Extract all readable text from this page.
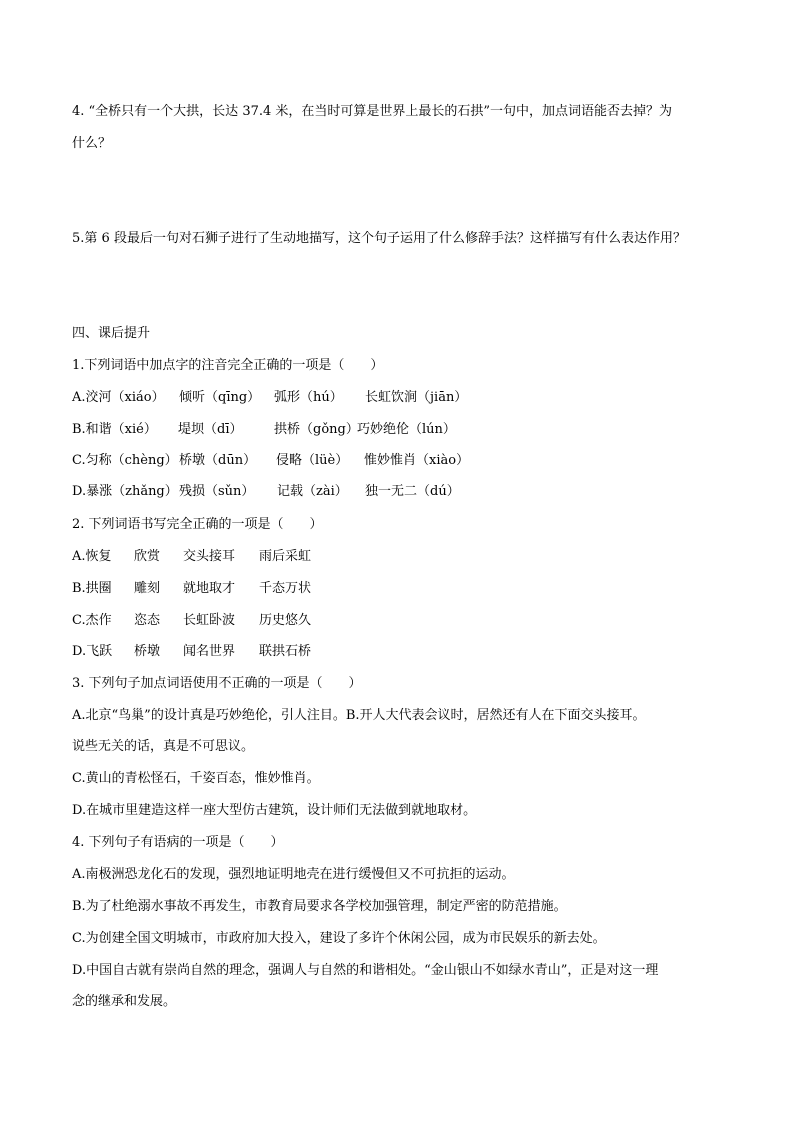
4. “全桥只有一个大拱，长达 37.4 米，在当时可算是世界上最长的石拱”一句中，加点词语能否去掉？为
什么？
5.第 6 段最后一句对石狮子进行了生动地描写，这个句子运用了什么修辞手法？这样描写有什么表达作用？
四、课后提升
1.下列词语中加点字的注音完全正确的一项是（　　）
A.洨河（xiáo） 倾听（qīng） 弧形（hú） 长虹饮涧（jiān）
B.和谐（xié） 堤坝（dī） 拱桥（gǒng）巧妙绝伦（lún）
C.匀称（chèng）桥墩（dūn） 侵略（lüè） 惟妙惟肖（xiào）
D.暴涨（zhǎng）残损（sǔn） 记载（zài） 独一无二（dú）
2. 下列词语书写完全正确的一项是（　　）
A.恢复 欣赏 交头接耳 雨后采虹
B.拱圈 雕刻 就地取才 千态万状
C.杰作 恣态 长虹卧波 历史悠久
D.飞跃 桥墩 闻名世界 联拱石桥
3. 下列句子加点词语使用不正确的一项是（　　）
A.北京“鸟巢”的设计真是巧妙绝伦，引人注目。B.开人大代表会议时，居然还有人在下面交头接耳。
说些无关的话，真是不可思议。
C.黄山的青松怪石，千姿百态，惟妙惟肖。
D.在城市里建造这样一座大型仿古建筑，设计师们无法做到就地取材。
4. 下列句子有语病的一项是（　　）
A.南极洲恐龙化石的发现，强烈地证明地壳在进行缓慢但又不可抗拒的运动。
B.为了杜绝溺水事故不再发生，市教育局要求各学校加强管理，制定严密的防范措施。
C.为创建全国文明城市，市政府加大投入，建设了多许个休闲公园，成为市民娱乐的新去处。
D.中国自古就有崇尚自然的理念，强调人与自然的和谐相处。“金山银山不如绿水青山”，正是对这一理
念的继承和发展。
